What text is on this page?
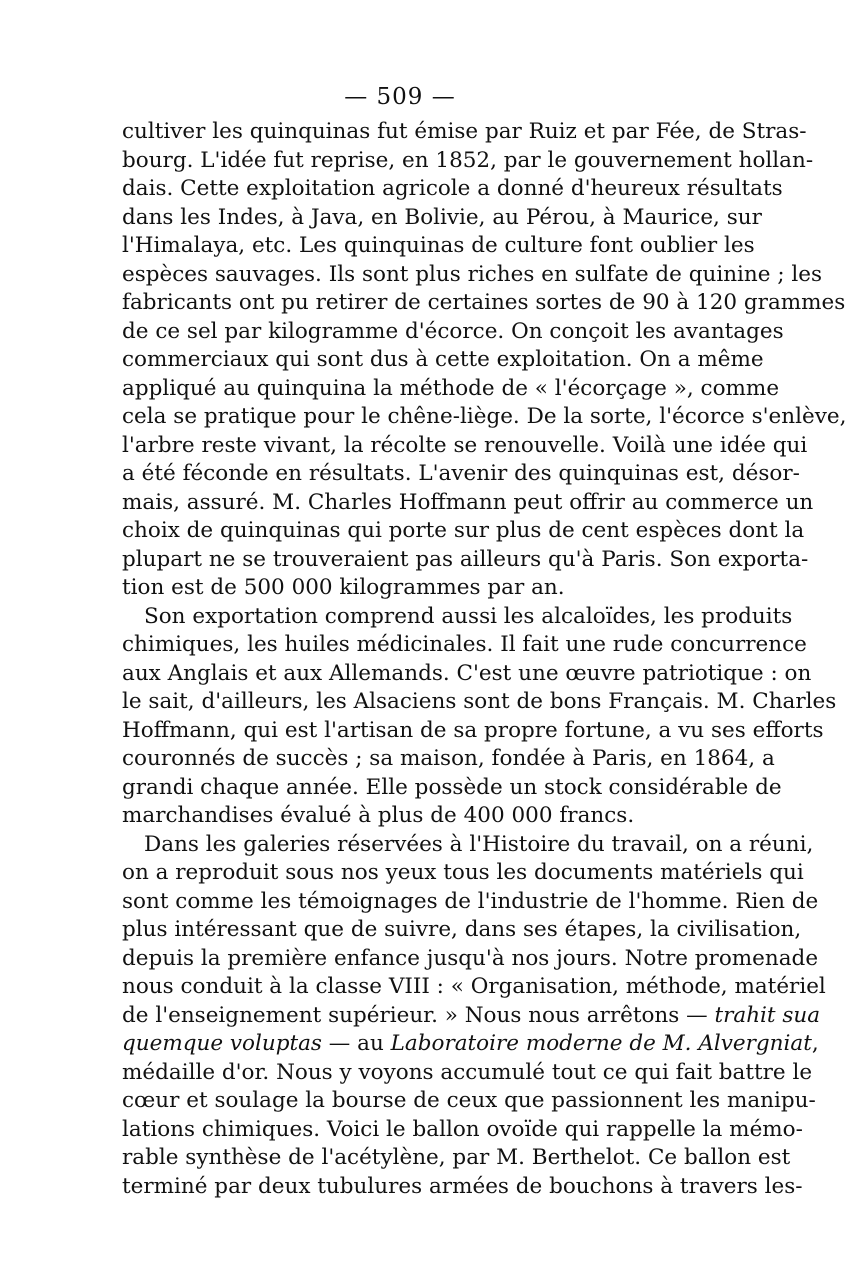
— 509 —
cultiver les quinquinas fut émise par Ruiz et par Fée, de Stras-
bourg. L'idée fut reprise, en 1852, par le gouvernement hollan-
dais. Cette exploitation agricole a donné d'heureux résultats
dans les Indes, à Java, en Bolivie, au Pérou, à Maurice, sur
l'Himalaya, etc. Les quinquinas de culture font oublier les
espèces sauvages. Ils sont plus riches en sulfate de quinine ; les
fabricants ont pu retirer de certaines sortes de 90 à 120 grammes
de ce sel par kilogramme d'écorce. On conçoit les avantages
commerciaux qui sont dus à cette exploitation. On a même
appliqué au quinquina la méthode de « l'écorçage », comme
cela se pratique pour le chêne-liège. De la sorte, l'écorce s'enlève,
l'arbre reste vivant, la récolte se renouvelle. Voilà une idée qui
a été féconde en résultats. L'avenir des quinquinas est, désor-
mais, assuré. M. Charles Hoffmann peut offrir au commerce un
choix de quinquinas qui porte sur plus de cent espèces dont la
plupart ne se trouveraient pas ailleurs qu'à Paris. Son exporta-
tion est de 500 000 kilogrammes par an.
Son exportation comprend aussi les alcaloïdes, les produits
chimiques, les huiles médicinales. Il fait une rude concurrence
aux Anglais et aux Allemands. C'est une œuvre patriotique : on
le sait, d'ailleurs, les Alsaciens sont de bons Français. M. Charles
Hoffmann, qui est l'artisan de sa propre fortune, a vu ses efforts
couronnés de succès ; sa maison, fondée à Paris, en 1864, a
grandi chaque année. Elle possède un stock considérable de
marchandises évalué à plus de 400 000 francs.
Dans les galeries réservées à l'Histoire du travail, on a réuni,
on a reproduit sous nos yeux tous les documents matériels qui
sont comme les témoignages de l'industrie de l'homme. Rien de
plus intéressant que de suivre, dans ses étapes, la civilisation,
depuis la première enfance jusqu'à nos jours. Notre promenade
nous conduit à la classe VIII : « Organisation, méthode, matériel
de l'enseignement supérieur. » Nous nous arrêtons — trahit sua
quemque voluptas — au Laboratoire moderne de M. Alvergniat,
médaille d'or. Nous y voyons accumulé tout ce qui fait battre le
cœur et soulage la bourse de ceux que passionnent les manipu-
lations chimiques. Voici le ballon ovoïde qui rappelle la mémo-
rable synthèse de l'acétylène, par M. Berthelot. Ce ballon est
terminé par deux tubulures armées de bouchons à travers les-
